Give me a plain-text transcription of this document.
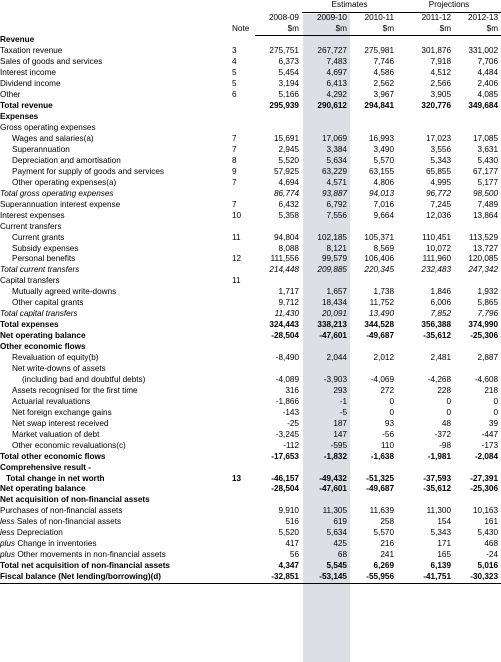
			Estimates		Projections	
		2008-09	2009-10	2010-11	2011-12	2012-13
	Note	$m	$m	$m	$m	$m
Revenue						
Taxation revenue	3	275,751	267,727	275,981	301,876	331,002
Sales of goods and services	4	6,373	7,483	7,746	7,918	7,706
Interest income	5	5,454	4,697	4,586	4,512	4,484
Dividend income	5	3,194	6,413	2,562	2,566	2,406
Other	6	5,166	4,292	3,967	3,905	4,085
Total revenue		295,939	290,612	294,841	320,776	349,684
Expenses						
Gross operating expenses						
Wages and salaries(a)	7	15,691	17,069	16,993	17,023	17,085
Superannuation	7	2,945	3,384	3,490	3,556	3,631
Depreciation and amortisation	8	5,520	5,634	5,570	5,343	5,430
Payment for supply of goods and services	9	57,925	63,229	63,155	65,855	67,177
Other operating expenses(a)	7	4,694	4,571	4,806	4,995	5,177
Total gross operating expenses		86,774	93,887	94,013	96,772	98,500
Superannuation interest expense	7	6,432	6,792	7,016	7,245	7,489
Interest expenses	10	5,358	7,556	9,664	12,036	13,864
Current transfers						
Current grants	11	94,804	102,185	105,371	110,451	113,529
Subsidy expenses		8,088	8,121	8,569	10,072	13,727
Personal benefits	12	111,556	99,579	106,406	111,960	120,085
Total current transfers		214,448	209,885	220,345	232,483	247,342
Capital transfers	11					
Mutually agreed write-downs		1,717	1,657	1,738	1,846	1,932
Other capital grants		9,712	18,434	11,752	6,006	5,865
Total capital transfers		11,430	20,091	13,490	7,852	7,796
Total expenses		324,443	338,213	344,528	356,388	374,990
Net operating balance		-28,504	-47,601	-49,687	-35,612	-25,306
Other economic flows						
Revaluation of equity(b)		-8,490	2,044	2,012	2,481	2,887
Net write-downs of assets						
(including bad and doubtful debts)		-4,089	-3,903	-4,069	-4,268	-4,608
Assets recognised for the first time		316	293	272	228	218
Actuarial revaluations		-1,866	-1	0	0	0
Net foreign exchange gains		-143	-5	0	0	0
Net swap interest received		-25	187	93	48	39
Market valuation of debt		-3,245	147	-56	-372	-447
Other economic revaluations(c)		-112	-595	110	-98	-173
Total other economic flows		-17,653	-1,832	-1,638	-1,981	-2,084
Comprehensive result -						
Total change in net worth	13	-46,157	-49,432	-51,325	-37,593	-27,391
Net operating balance		-28,504	-47,601	-49,687	-35,612	-25,306
Net acquisition of non-financial assets						
Purchases of non-financial assets		9,910	11,305	11,639	11,300	10,163
less Sales of non-financial assets		516	619	258	154	161
less Depreciation		5,520	5,634	5,570	5,343	5,430
plus Change in inventories		417	425	216	171	468
plus Other movements in non-financial assets		56	68	241	165	-24
Total net acquisition of non-financial assets		4,347	5,545	6,269	6,139	5,016
Fiscal balance (Net lending/borrowing)(d)		-32,851	-53,145	-55,956	-41,751	-30,323
